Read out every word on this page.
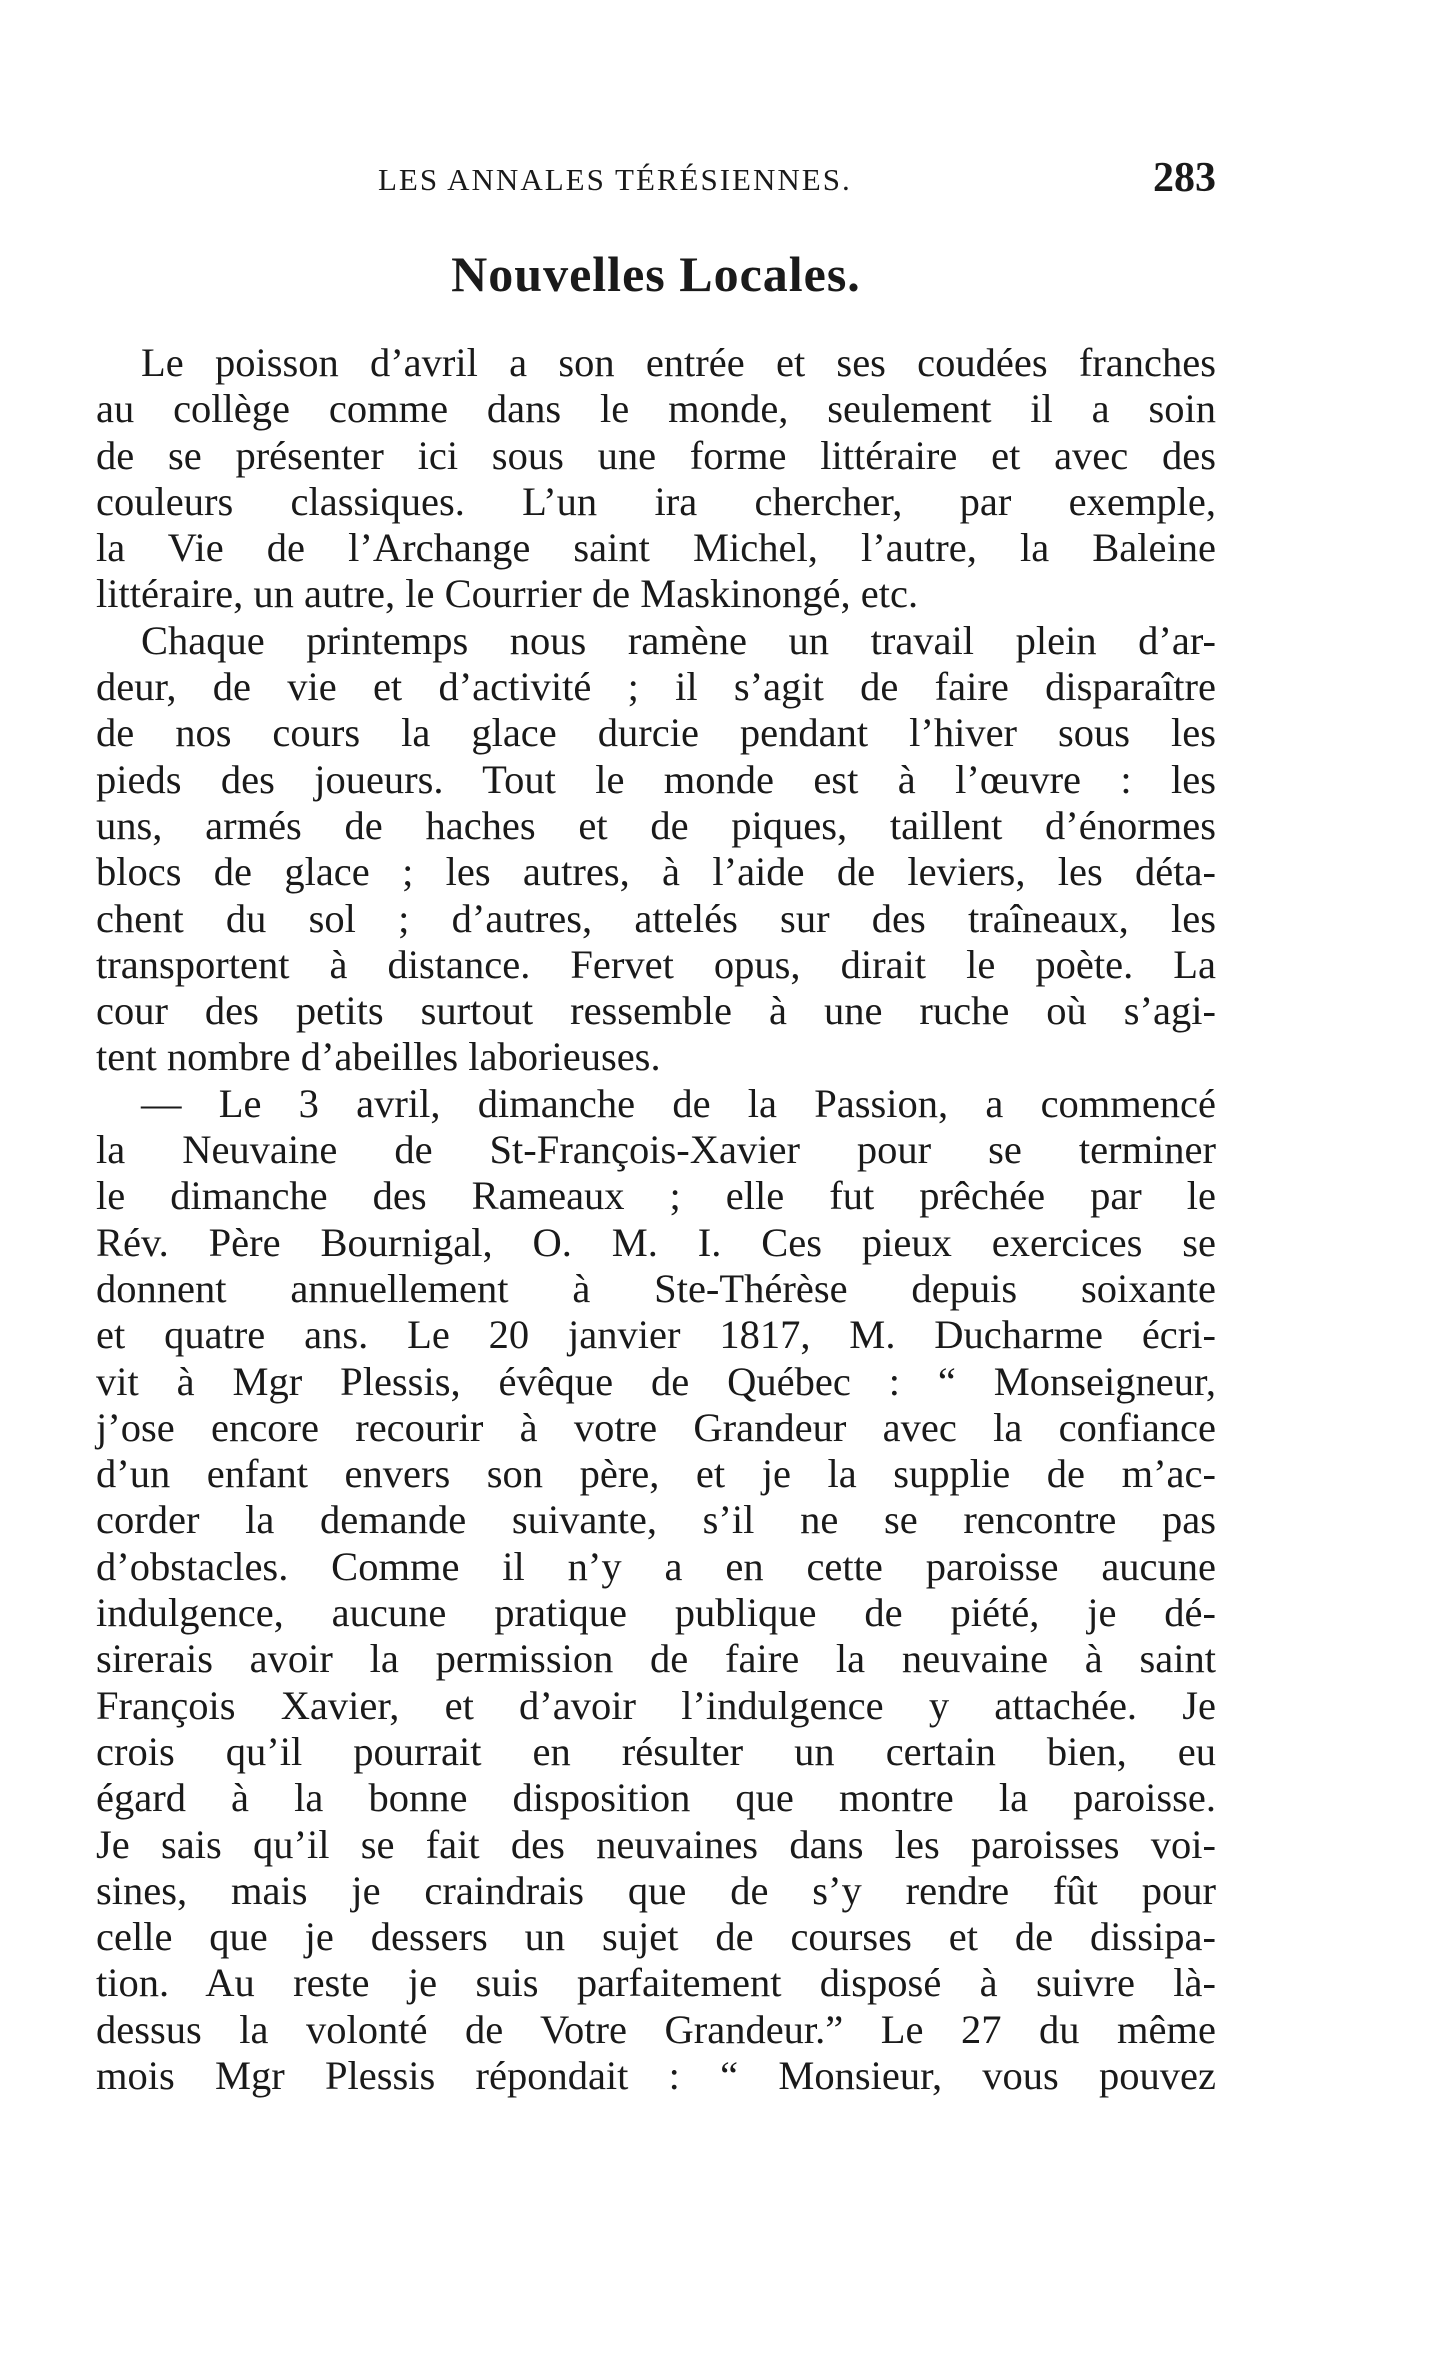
LES ANNALES TÉRÉSIENNES.	283
Nouvelles Locales.
Le poisson d’avril a son entrée et ses coudées franches
au collège comme dans le monde, seulement il a soin
de se présenter ici sous une forme littéraire et avec des
couleurs classiques. L’un ira chercher, par exemple,
la Vie de l’Archange saint Michel, l’autre, la Baleine
littéraire, un autre, le Courrier de Maskinongé, etc.
Chaque printemps nous ramène un travail plein d’ar-
deur, de vie et d’activité ; il s’agit de faire disparaître
de nos cours la glace durcie pendant l’hiver sous les
pieds des joueurs. Tout le monde est à l’œuvre : les
uns, armés de haches et de piques, taillent d’énormes
blocs de glace ; les autres, à l’aide de leviers, les déta-
chent du sol ; d’autres, attelés sur des traîneaux, les
transportent à distance. Fervet opus, dirait le poète. La
cour des petits surtout ressemble à une ruche où s’agi-
tent nombre d’abeilles laborieuses.
— Le 3 avril, dimanche de la Passion, a commencé
la Neuvaine de St-François-Xavier pour se terminer
le dimanche des Rameaux ; elle fut prêchée par le
Rév. Père Bournigal, O. M. I. Ces pieux exercices se
donnent annuellement à Ste-Thérèse depuis soixante
et quatre ans. Le 20 janvier 1817, M. Ducharme écri-
vit à Mgr Plessis, évêque de Québec : “ Monseigneur,
j’ose encore recourir à votre Grandeur avec la confiance
d’un enfant envers son père, et je la supplie de m’ac-
corder la demande suivante, s’il ne se rencontre pas
d’obstacles. Comme il n’y a en cette paroisse aucune
indulgence, aucune pratique publique de piété, je dé-
sirerais avoir la permission de faire la neuvaine à saint
François Xavier, et d’avoir l’indulgence y attachée. Je
crois qu’il pourrait en résulter un certain bien, eu
égard à la bonne disposition que montre la paroisse.
Je sais qu’il se fait des neuvaines dans les paroisses voi-
sines, mais je craindrais que de s’y rendre fût pour
celle que je dessers un sujet de courses et de dissipa-
tion. Au reste je suis parfaitement disposé à suivre là-
dessus la volonté de Votre Grandeur.” Le 27 du même
mois Mgr Plessis répondait : “ Monsieur, vous pouvez
